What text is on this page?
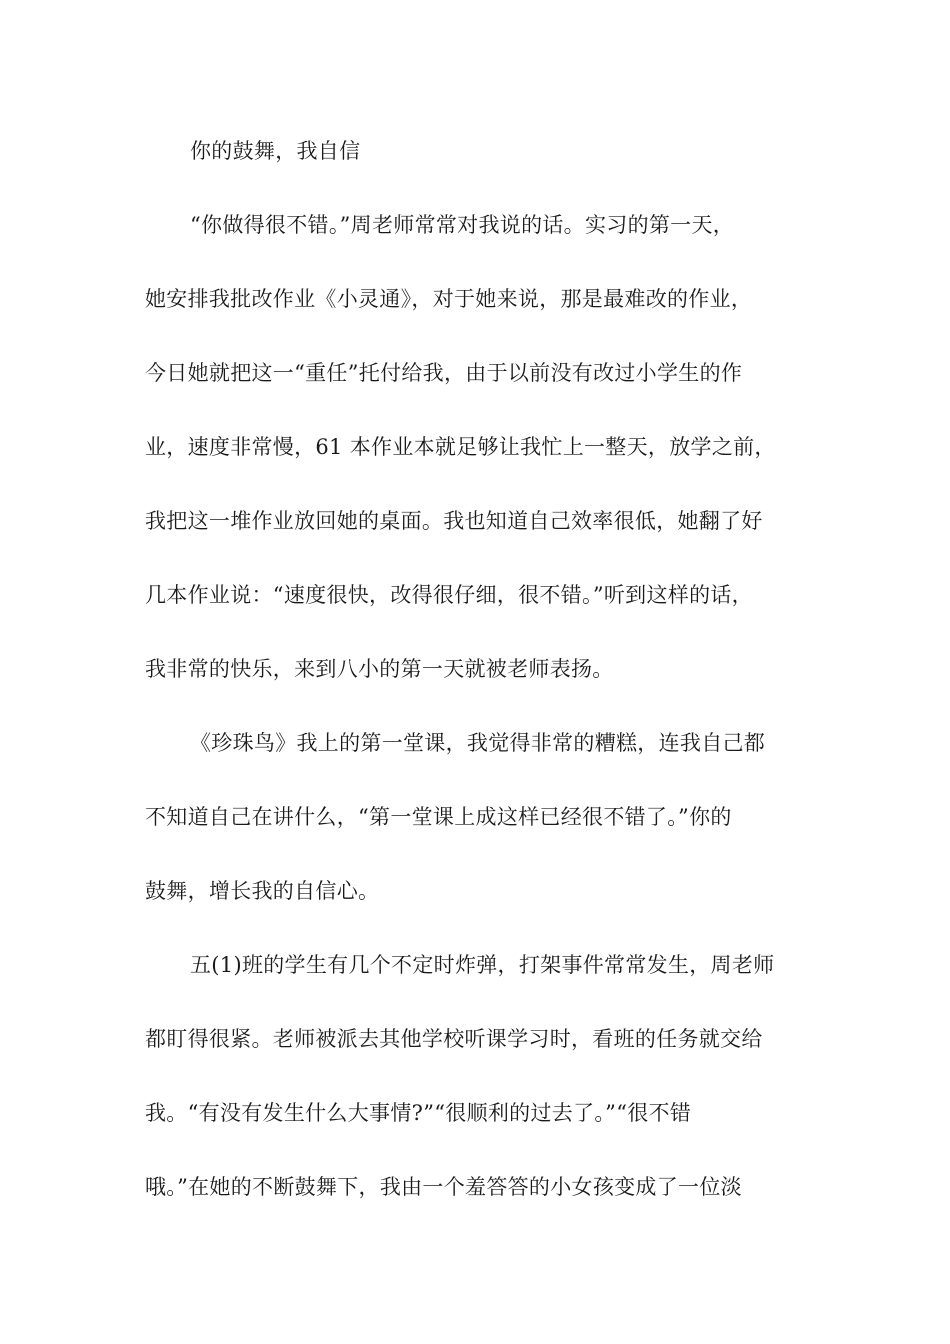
你的鼓舞，我自信
“你做得很不错。”周老师常常对我说的话。实习的第一天，
她安排我批改作业《小灵通》，对于她来说，那是最难改的作业，
今日她就把这一“重任”托付给我，由于以前没有改过小学生的作
业，速度非常慢，61 本作业本就足够让我忙上一整天，放学之前，
我把这一堆作业放回她的桌面。我也知道自己效率很低，她翻了好
几本作业说：“速度很快，改得很仔细，很不错。”听到这样的话，
我非常的快乐，来到八小的第一天就被老师表扬。
《珍珠鸟》我上的第一堂课，我觉得非常的糟糕，连我自己都
不知道自己在讲什么，“第一堂课上成这样已经很不错了。”你的
鼓舞，增长我的自信心。
五(1)班的学生有几个不定时炸弹，打架事件常常发生，周老师
都盯得很紧。老师被派去其他学校听课学习时，看班的任务就交给
我。“有没有发生什么大事情?”“很顺利的过去了。”“很不错
哦。”在她的不断鼓舞下，我由一个羞答答的小女孩变成了一位淡
